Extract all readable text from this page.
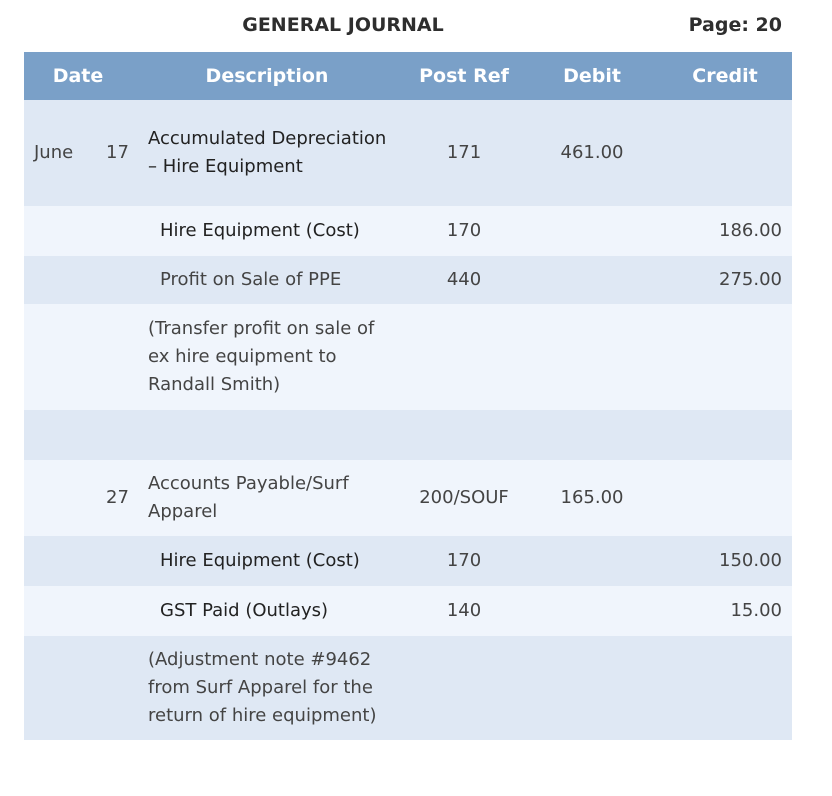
GENERAL JOURNAL	Page: 20
Date		Description	Post Ref	Debit	Credit
June	17	Accumulated Depreciation – Hire Equipment	171	461.00	
		Hire Equipment (Cost)	170		186.00
		Profit on Sale of PPE	440		275.00
		(Transfer profit on sale of ex hire equipment to Randall Smith)			

	27	Accounts Payable/Surf Apparel	200/SOUF	165.00	
		Hire Equipment (Cost)	170		150.00
		GST Paid (Outlays)	140		15.00
		(Adjustment note #9462 from Surf Apparel for the return of hire equipment)			
